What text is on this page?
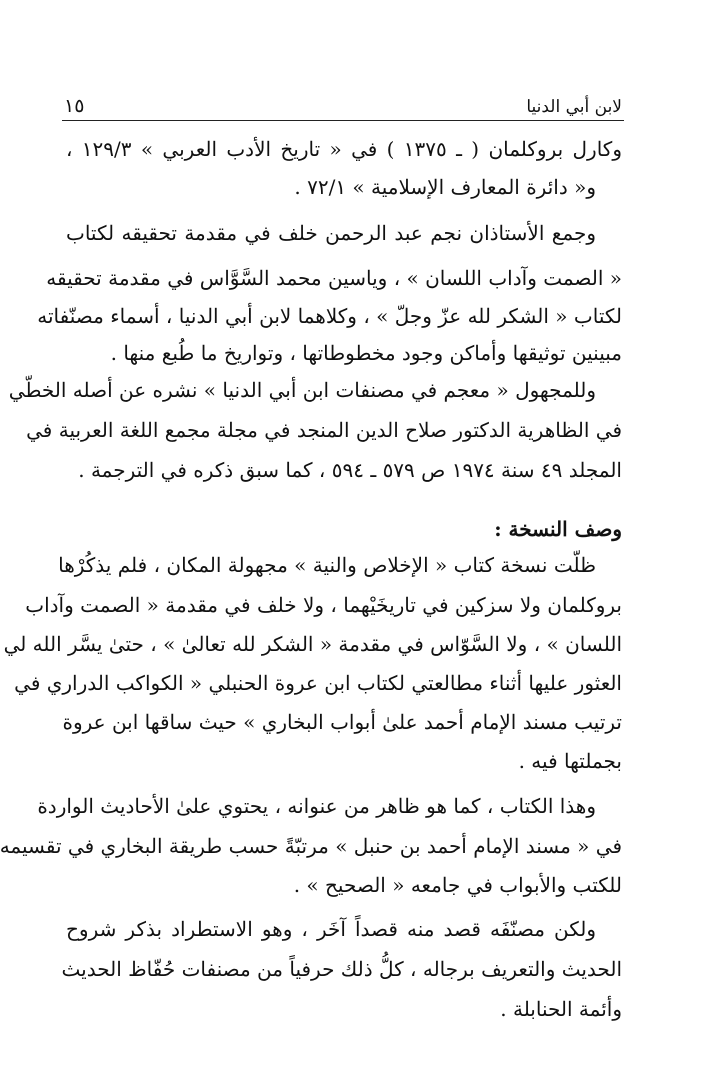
١٥	لابن أبي الدنيا
وكارل بروكلمان ( ـ ١٣٧٥ ) في « تاريخ الأدب العربي » ١٢٩/٣ ،
و« دائرة المعارف الإسلامية » ٧٢/١ .
وجمع الأستاذان نجم عبد الرحمن خلف في مقدمة تحقيقه لكتاب
« الصمت وآداب اللسان » ، وياسين محمد السَّوَّاس في مقدمة تحقيقه
لكتاب « الشكر لله عزّ وجلّ » ، وكلاهما لابن أبي الدنيا ، أسماء مصنّفاته
مبينين توثيقها وأماكن وجود مخطوطاتها ، وتواريخ ما طُبع منها .
وللمجهول « معجم في مصنفات ابن أبي الدنيا » نشره عن أصله الخطّي
في الظاهرية الدكتور صلاح الدين المنجد في مجلة مجمع اللغة العربية في
المجلد ٤٩ سنة ١٩٧٤ ص ٥٧٩ ـ ٥٩٤ ، كما سبق ذكره في الترجمة .
وصف النسخة :
ظلّت نسخة كتاب « الإخلاص والنية » مجهولة المكان ، فلم يذكُرْها
بروكلمان ولا سزكين في تاريخَيْهما ، ولا خلف في مقدمة « الصمت وآداب
اللسان » ، ولا السَّوّاس في مقدمة « الشكر لله تعالىٰ » ، حتىٰ يسَّر الله لي
العثور عليها أثناء مطالعتي لكتاب ابن عروة الحنبلي « الكواكب الدراري في
ترتيب مسند الإمام أحمد علىٰ أبواب البخاري » حيث ساقها ابن عروة
بجملتها فيه .
وهذا الكتاب ، كما هو ظاهر من عنوانه ، يحتوي علىٰ الأحاديث الواردة
في « مسند الإمام أحمد بن حنبل » مرتبّةً حسب طريقة البخاري في تقسيمه
للكتب والأبواب في جامعه « الصحيح » .
ولكن مصنّفَه قصد منه قصداً آخَر ، وهو الاستطراد بذكر شروح
الحديث والتعريف برجاله ، كلُّ ذلك حرفياً من مصنفات حُفّاظ الحديث
وأئمة الحنابلة .
